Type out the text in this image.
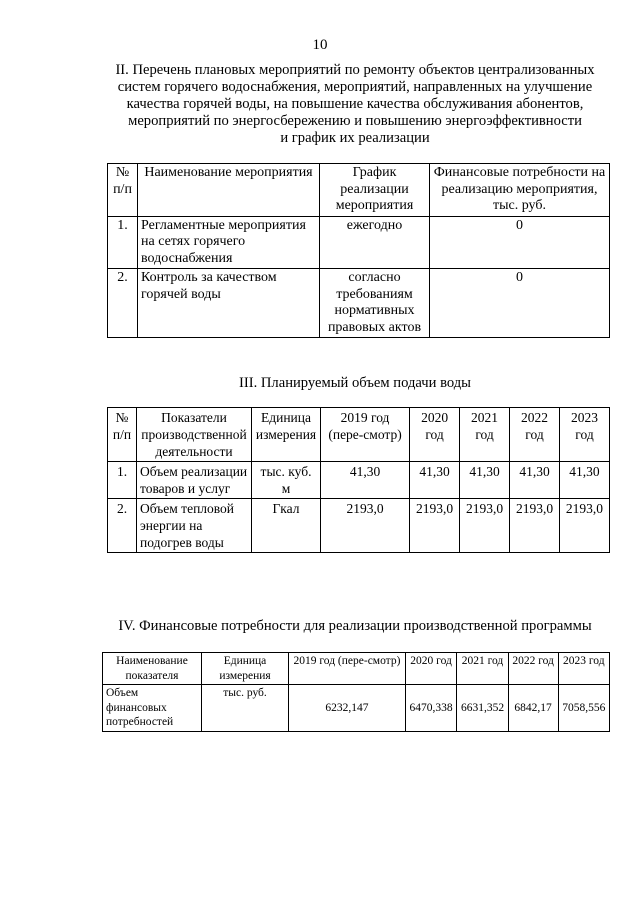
10
II. Перечень плановых мероприятий по ремонту объектов централизованных
систем горячего водоснабжения, мероприятий, направленных на улучшение
качества горячей воды, на повышение качества обслуживания абонентов,
мероприятий по энергосбережению и повышению энергоэффективности
и график их реализации
№ п/п	Наименование мероприятия	График реализации мероприятия	Финансовые потребности на реализацию мероприятия, тыс. руб.
1.	Регламентные мероприятия на сетях горячего водоснабжения	ежегодно	0
2.	Контроль за качеством горячей воды	согласно требованиям нормативных правовых актов	0
III. Планируемый объем подачи воды
№ п/п	Показатели производственной деятельности	Единица измерения	2019 год (пере-смотр)	2020 год	2021 год	2022 год	2023 год
1.	Объем реализации товаров и услуг	тыс. куб. м	41,30	41,30	41,30	41,30	41,30
2.	Объем тепловой энергии на подогрев воды	Гкал	2193,0	2193,0	2193,0	2193,0	2193,0
IV. Финансовые потребности для реализации производственной программы
Наименование показателя	Единица измерения	2019 год (пере-смотр)	2020 год	2021 год	2022 год	2023 год
Объем финансовых потребностей	тыс. руб.	6232,147	6470,338	6631,352	6842,17	7058,556
